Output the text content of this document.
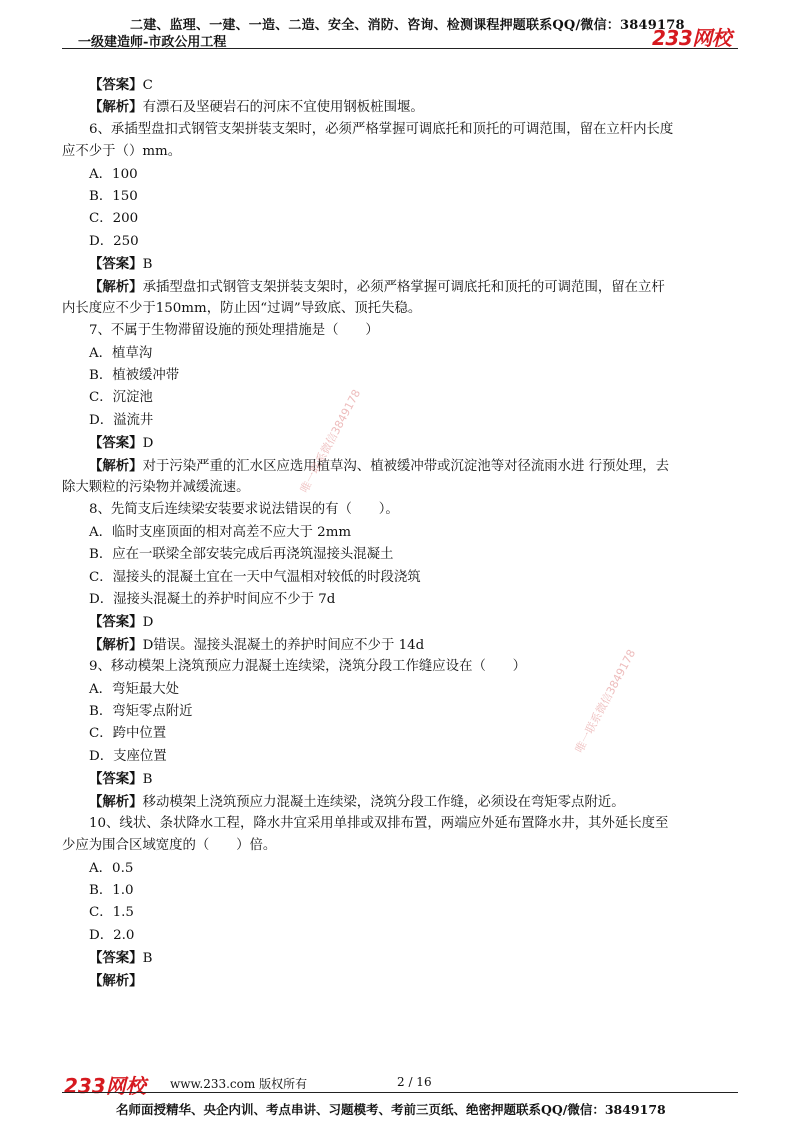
二建、监理、一建、一造、二造、安全、消防、咨询、检测课程押题联系QQ/微信：3849178
一级建造师-市政公用工程	233网校
【答案】C
【解析】有漂石及坚硬岩石的河床不宜使用钢板桩围堰。
6、承插型盘扣式钢管支架拼装支架时，必须严格掌握可调底托和顶托的可调范围，留在立杆内长度
应不少于（）mm。
A．100
B．150
C．200
D．250
【答案】B
【解析】承插型盘扣式钢管支架拼装支架时，必须严格掌握可调底托和顶托的可调范围，留在立杆
内长度应不少于150mm，防止因“过调”导致底、顶托失稳。
7、不属于生物滞留设施的预处理措施是（　　）
A．植草沟
B．植被缓冲带
C．沉淀池
D．溢流井
【答案】D
【解析】对于污染严重的汇水区应选用植草沟、植被缓冲带或沉淀池等对径流雨水进 行预处理，去
除大颗粒的污染物并减缓流速。
8、先简支后连续梁安装要求说法错误的有（　　）。
A．临时支座顶面的相对高差不应大于 2mm
B．应在一联梁全部安装完成后再浇筑湿接头混凝土
C．湿接头的混凝土宜在一天中气温相对较低的时段浇筑
D．湿接头混凝土的养护时间应不少于 7d
【答案】D
【解析】D错误。湿接头混凝土的养护时间应不少于 14d
9、移动模架上浇筑预应力混凝土连续梁，浇筑分段工作缝应设在（　　）
A．弯矩最大处
B．弯矩零点附近
C．跨中位置
D．支座位置
【答案】B
【解析】移动模架上浇筑预应力混凝土连续梁，浇筑分段工作缝，必须设在弯矩零点附近。
10、线状、条状降水工程，降水井宜采用单排或双排布置，两端应外延布置降水井，其外延长度至
少应为围合区域宽度的（　　）倍。
A．0.5
B．1.0
C．1.5
D．2.0
【答案】B
【解析】
唯一联系微信3849178
唯一联系微信3849178
233网校 www.233.com 版权所有	2 / 16
名师面授精华、央企内训、考点串讲、习题模考、考前三页纸、绝密押题联系QQ/微信：3849178
